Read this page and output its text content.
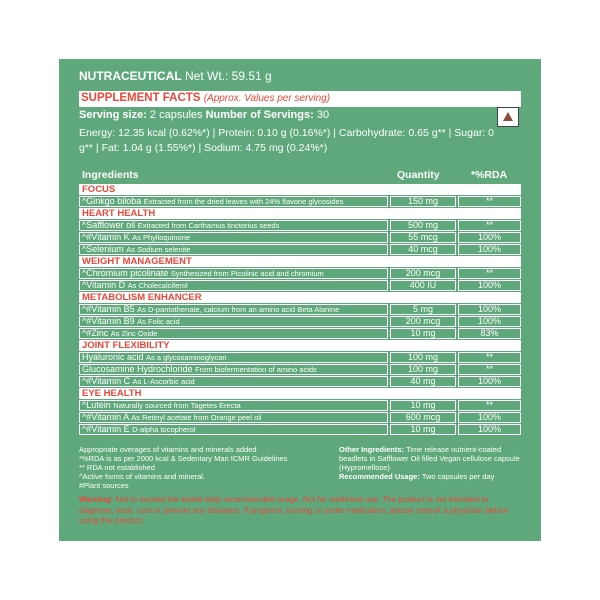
NUTRACEUTICAL Net Wt.: 59.51 g
SUPPLEMENT FACTS (Approx. Values per serving)
Serving size: 2 capsules Number of Servings: 30
Energy: 12.35 kcal (0.62%*) | Protein: 0.10 g (0.16%*) | Carbohydrate: 0.65 g** | Sugar: 0 g** | Fat: 1.04 g (1.55%*) | Sodium: 4.75 mg (0.24%*)
Ingredients	Quantity	*%RDA
FOCUS
^Ginkgo biloba Extracted from the dried leaves with 24% flavone glycosides	150 mg	**
HEART HEALTH
^Safflower oil Extracted from Carthamus tinctorius seeds	500 mg	**
^#Vitamin K As Phylloquinone	55 mcg	100%
^Selenium As Sodium selenite	40 mcg	100%
WEIGHT MANAGEMENT
^Chromium picolinate Synthesized from Picolinic acid and chromium	200 mcg	**
^Vitamin D As Cholecalciferol	400 IU	100%
METABOLISM ENHANCER
^#Vitamin B5 As D-pantothenate, calcium from an amino acid Beta Alanine	5 mg	100%
^#Vitamin B9 As Folic acid	200 mcg	100%
^#Zinc As Zinc Oxide	10 mg	83%
JOINT FLEXIBILITY
Hyaluronic acid As a glycosaminoglycan	100 mg	**
Glucosamine Hydrochloride From biofermentation of amino acids	100 mg	**
^#Vitamin C As L-Ascorbic acid	40 mg	100%
EYE HEALTH
^Lutein Naturally sourced from Tagetes Erecta	10 mg	**
^#Vitamin A As Retinyl acetate from Orange peel oil	600 mcg	100%
^#Vitamin E D-alpha tocopherol	10 mg	100%
Appropriate overages of vitamins and minerals added
*%RDA is as per 2000 kcal & Sedentary Man ICMR Guidelines
** RDA not established
^Active forms of vitamins and mineral.
#Plant sources
Other Ingredients: Time release nutrient-coated beadlets in Safflower Oil filled Vegan cellulose capsule (Hypromellose)
Recommended Usage: Two capsules per day
Warning: Not to exceed the stated daily recommended usage. Not for medicinal use. The product is not intended to diagnose, treat, cure or prevent any diseases. If pregnant, nursing or under medication, please consult a physician before using this product.
